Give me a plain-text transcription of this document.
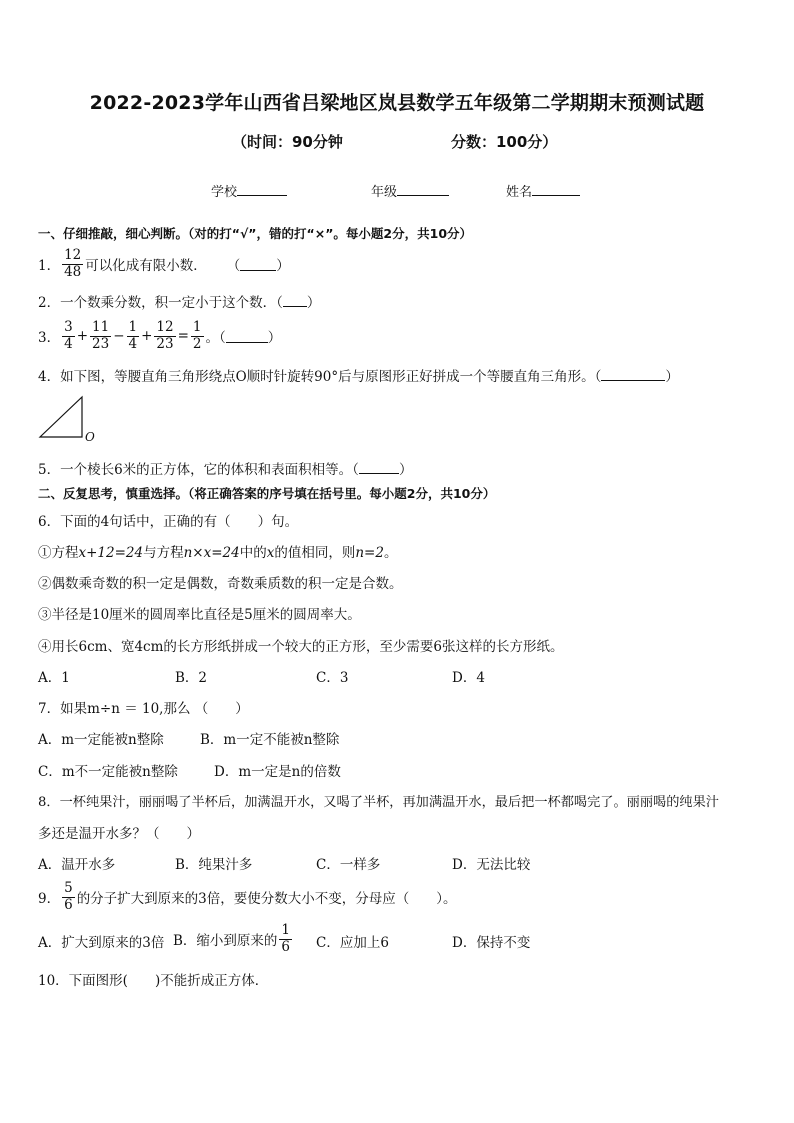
2022-2023学年山西省吕梁地区岚县数学五年级第二学期期末预测试题
（时间：90分钟	分数：100分）
学校	年级	姓名
一、仔细推敲，细心判断。（对的打“√”，错的打“×”。每小题2分，共10分）
1． $\frac{12}{48}$ 可以化成有限小数． （	）
2．一个数乘分数，积一定小于这个数．（ ）
3． $\frac{3}{4} + \frac{11}{23} - \frac{1}{4} + \frac{12}{23} = \frac{1}{2}$ 。（	）
4．如下图，等腰直角三角形绕点O顺时针旋转90°后与原图形正好拼成一个等腰直角三角形。（	）
O
5．一个棱长6米的正方体，它的体积和表面积相等。（	）
二、反复思考，慎重选择。（将正确答案的序号填在括号里。每小题2分，共10分）
6．下面的4句话中，正确的有（　　）句。
①方程x+12=24与方程n×x=24中的x的值相同，则n=2。
②偶数乘奇数的积一定是偶数，奇数乘质数的积一定是合数。
③半径是10厘米的圆周率比直径是5厘米的圆周率大。
④用长6cm、宽4cm的长方形纸拼成一个较大的正方形，至少需要6张这样的长方形纸。
A．1	B．2	C．3	D．4
7．如果m÷n ＝ 10,那么 （　　）
A．m一定能被n整除	B．m一定不能被n整除
C．m不一定能被n整除	D．m一定是n的倍数
8．一杯纯果汁，丽丽喝了半杯后，加满温开水，又喝了半杯，再加满温开水，最后把一杯都喝完了。丽丽喝的纯果汁
多还是温开水多？（　　）
A．温开水多	B．纯果汁多	C．一样多	D．无法比较
9． $\frac{5}{6}$ 的分子扩大到原来的3倍，要使分数大小不变，分母应（　　）。
A．扩大到原来的3倍 B．缩小到原来的 $\frac{1}{6}$ C．应加上6	D．保持不变
10．下面图形(　　)不能折成正方体．
